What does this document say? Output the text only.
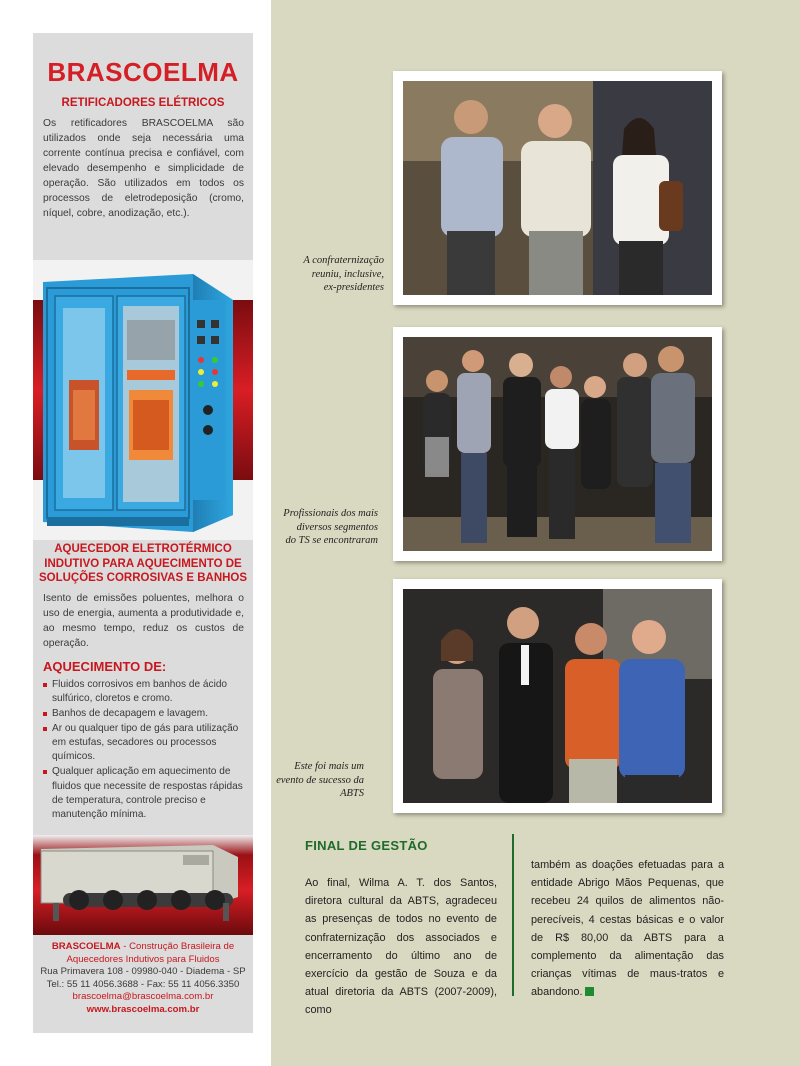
BRASCOELMA
RETIFICADORES ELÉTRICOS
Os retificadores BRASCOELMA são utilizados onde seja necessária uma corrente contínua precisa e confiável, com elevado desempenho e simplicidade de operação. São utilizados em todos os processos de eletrodeposição (cromo, níquel, cobre, anodização, etc.).
AQUECEDOR ELETROTÉRMICO
INDUTIVO PARA AQUECIMENTO DE
SOLUÇÕES CORROSIVAS E BANHOS
Isento de emissões poluentes, melhora o uso de energia, aumenta a produtividade e, ao mesmo tempo, reduz os custos de operação.
AQUECIMENTO DE:
Fluidos corrosivos em banhos de ácido sulfúrico, cloretos e cromo.
Banhos de decapagem e lavagem.
Ar ou qualquer tipo de gás para utilização em estufas, secadores ou processos químicos.
Qualquer aplicação em aquecimento de fluidos que necessite de respostas rápidas de temperatura, controle preciso e manutenção mínima.
BRASCOELMA - Construção Brasileira de
Aquecedores Indutivos para Fluidos
Rua Primavera 108 - 09980-040 - Diadema - SP
Tel.: 55 11 4056.3688 - Fax: 55 11 4056.3350
brascoelma@brascoelma.com.br
www.brascoelma.com.br
A confraternização
reuniu, inclusive,
ex-presidentes
Profissionais dos mais
diversos segmentos
do TS se encontraram
Este foi mais um
evento de sucesso da
ABTS
FINAL DE GESTÃO
Ao final, Wilma A. T. dos Santos, diretora cultural da ABTS, agradeceu as presenças de todos no evento de confraternização dos associados e encerramento do último ano de exercício da gestão de Souza e da atual diretoria da ABTS (2007-2009), como
também as doações efetuadas para a entidade Abrigo Mãos Pequenas, que recebeu 24 quilos de alimentos não-perecíveis, 4 cestas básicas e o valor de R$ 80,00 da ABTS para a complemento da alimentação das crianças vítimas de maus-tratos e abandono.
